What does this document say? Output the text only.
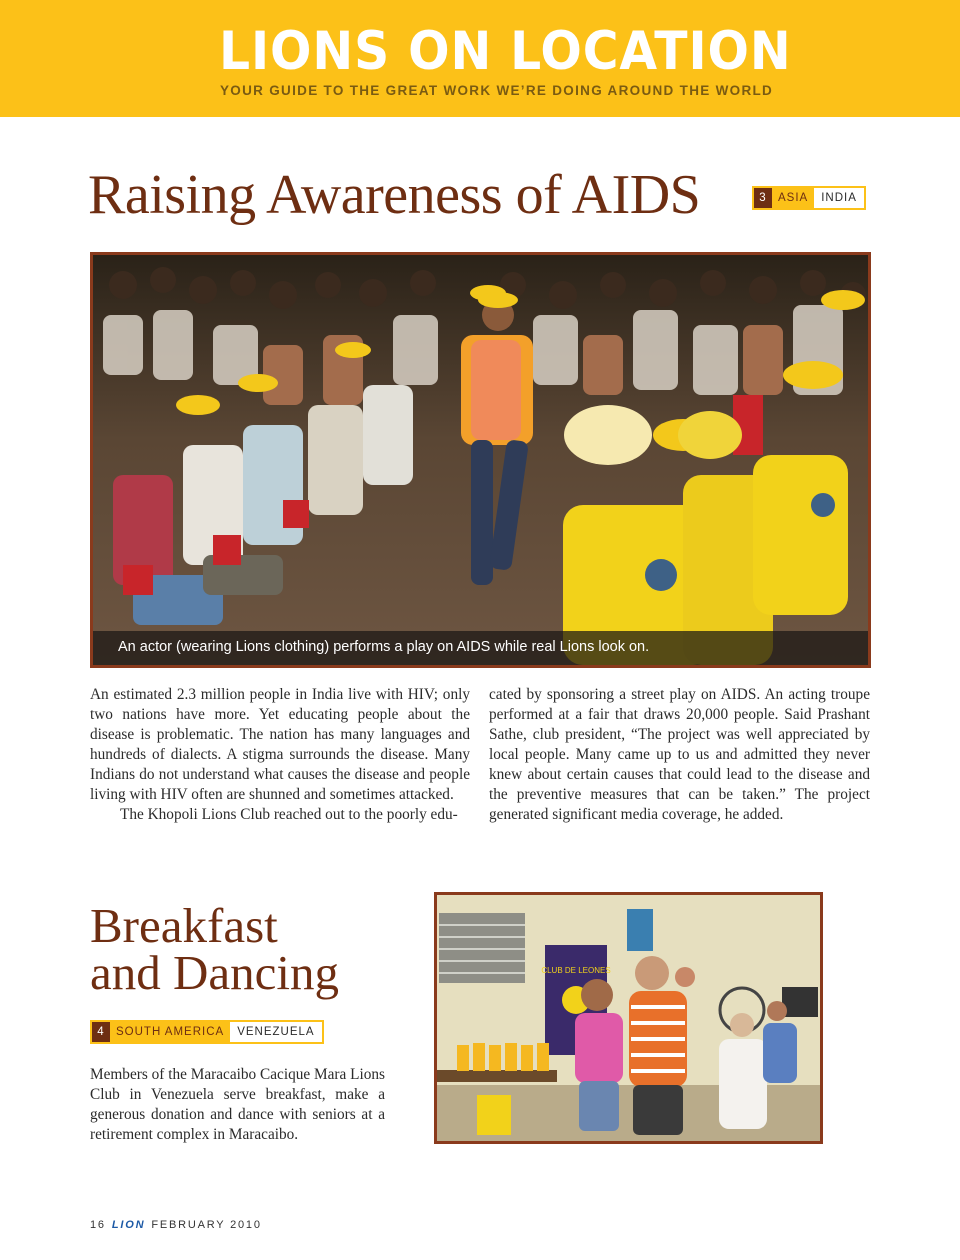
LIONS ON LOCATION
YOUR GUIDE TO THE GREAT WORK WE’RE DOING AROUND THE WORLD
Raising Awareness of AIDS	3 ASIA	INDIA
An actor (wearing Lions clothing) performs a play on AIDS while real Lions look on.

An estimated 2.3 million people in India live with HIV; only two nations have more. Yet educating people about the disease is problematic. The nation has many languages and hundreds of dialects. A stigma surrounds the disease. Many Indians do not understand what causes the disease and people living with HIV often are shunned and sometimes attacked.

The Khopoli Lions Club reached out to the poorly edu-

cated by sponsoring a street play on AIDS. An acting troupe performed at a fair that draws 20,000 people. Said Prashant Sathe, club president, “The project was well appreciated by local people. Many came up to us and admitted they never knew about certain causes that could lead to the disease and the preventive measures that can be taken.” The project generated significant media coverage, he added.

Breakfast
and Dancing
4 SOUTH AMERICA	VENEZUELA

Members of the Maracaibo Cacique Mara Lions Club in Venezuela serve breakfast, make a generous donation and dance with seniors at a retirement complex in Maracaibo.

CLUB DE LEONES
16 LION FEBRUARY 2010
